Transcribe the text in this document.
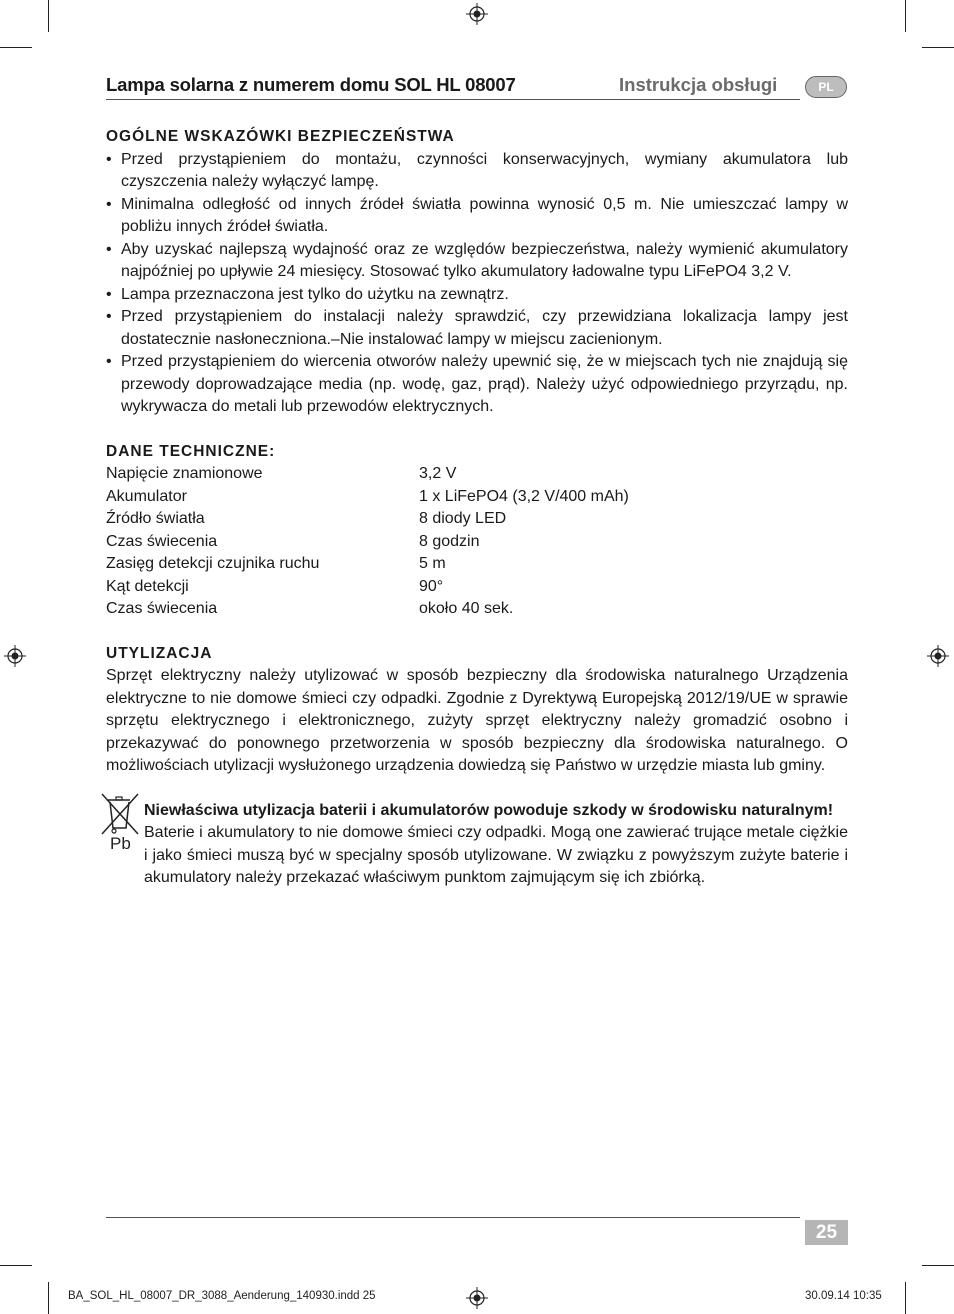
Lampa solarna z numerem domu SOL HL 08007	Instrukcja obsługi	PL
OGÓLNE WSKAZÓWKI BEZPIECZEŃSTWA
• Przed przystąpieniem do montażu, czynności konserwacyjnych, wymiany akumulatora lub czyszczenia należy wyłączyć lampę.
• Minimalna odległość od innych źródeł światła powinna wynosić 0,5 m. Nie umieszczać lampy w pobliżu innych źródeł światła.
• Aby uzyskać najlepszą wydajność oraz ze względów bezpieczeństwa, należy wymienić akumulatory najpóźniej po upływie 24 miesięcy. Stosować tylko akumulatory ładowalne typu LiFePO4 3,2 V.
• Lampa przeznaczona jest tylko do użytku na zewnątrz.
• Przed przystąpieniem do instalacji należy sprawdzić, czy przewidziana lokalizacja lampy jest dostatecznie nasłoneczniona.–Nie instalować lampy w miejscu zacienionym.
• Przed przystąpieniem do wiercenia otworów należy upewnić się, że w miejscach tych nie znajdują się przewody doprowadzające media (np. wodę, gaz, prąd). Należy użyć odpowiedniego przyrządu, np. wykrywacza do metali lub przewodów elektrycznych.
DANE TECHNICZNE:
Napięcie znamionowe	3,2 V
Akumulator	1 x LiFePO4 (3,2 V/400 mAh)
Źródło światła	8 diody LED
Czas świecenia	8 godzin
Zasięg detekcji czujnika ruchu	5 m
Kąt detekcji	90°
Czas świecenia	około 40 sek.
UTYLIZACJA

Sprzęt elektryczny należy utylizować w sposób bezpieczny dla środowiska naturalnego Urządzenia elektryczne to nie domowe śmieci czy odpadki. Zgodnie z Dyrektywą Europejską 2012/19/UE w sprawie sprzętu elektrycznego i elektronicznego, zużyty sprzęt elektryczny należy gromadzić osobno i przekazywać do ponownego przetworzenia w sposób bezpieczny dla środowiska naturalnego. O możliwościach utylizacji wysłużonego urządzenia dowiedzą się Państwo w urzędzie miasta lub gminy.

Pb
Niewłaściwa utylizacja baterii i akumulatorów powoduje szkody w środowisku naturalnym!
Baterie i akumulatory to nie domowe śmieci czy odpadki. Mogą one zawierać trujące metale ciężkie i jako śmieci muszą być w specjalny sposób utylizowane. W związku z powyższym zużyte baterie i akumulatory należy przekazać właściwym punktom zajmującym się ich zbiórką.
25
BA_SOL_HL_08007_DR_3088_Aenderung_140930.indd 25	30.09.14 10:35
